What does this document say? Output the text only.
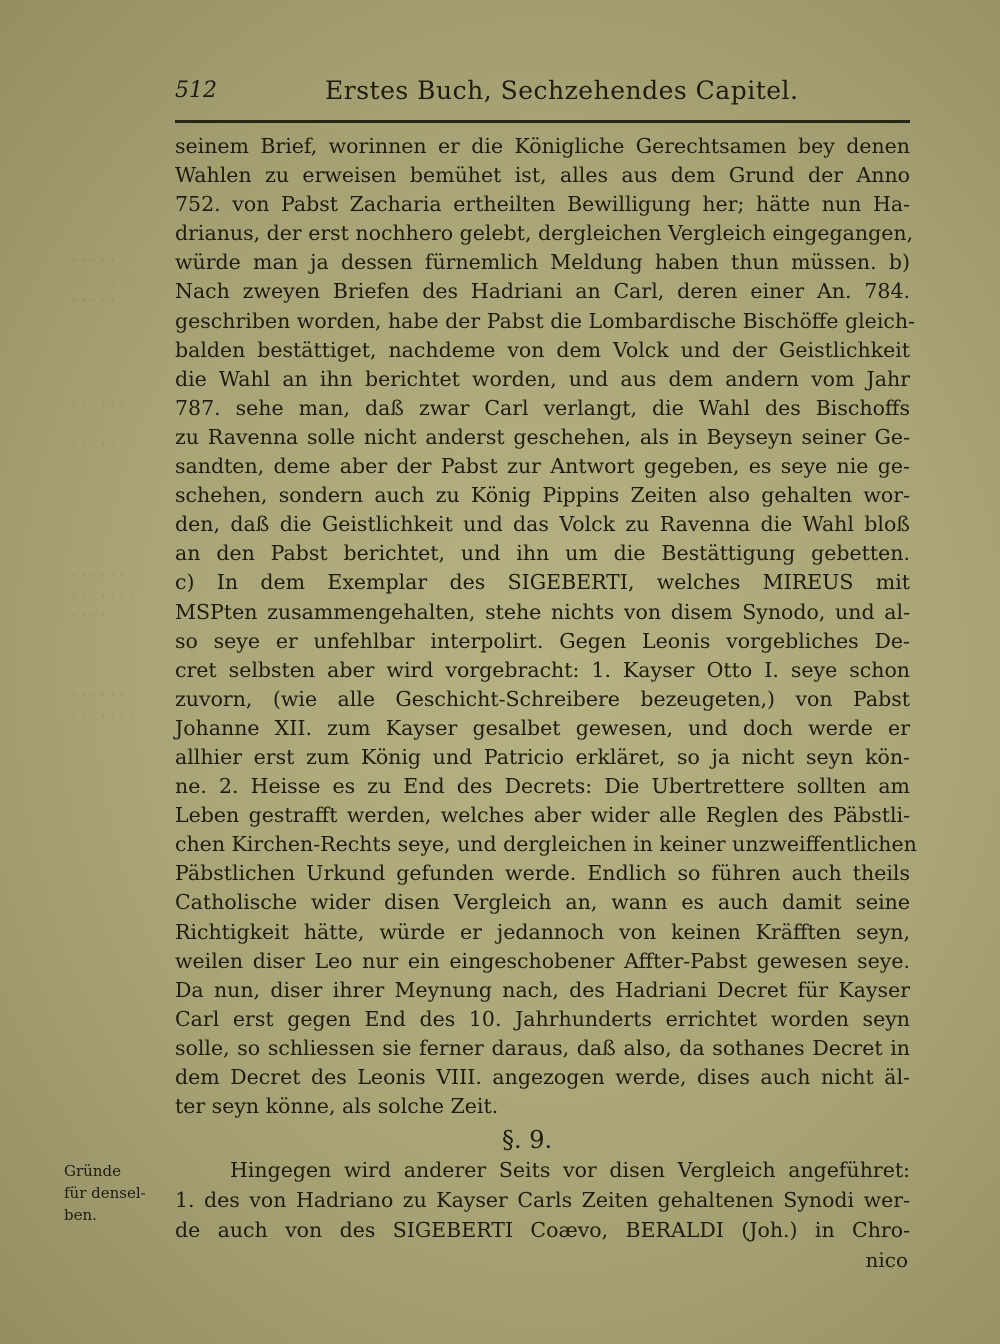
· · · · ·
· · · · · · ·
· · · · ·
· · · · · ·

· · · · ·
· · · · · ·
· · · · · · ·
· · · ·
· · · · · ·
· · · · · · ·
512	Erstes Buch, Sechzehendes Capitel.
seinem Brief, worinnen er die Königliche Gerechtsamen bey denen
Wahlen zu erweisen bemühet ist, alles aus dem Grund der Anno
752. von Pabst Zacharia ertheilten Bewilligung her; hätte nun Ha-
drianus, der erst nochhero gelebt, dergleichen Vergleich eingegangen,
würde man ja dessen fürnemlich Meldung haben thun müssen. b)
Nach zweyen Briefen des Hadriani an Carl, deren einer An. 784.
geschriben worden, habe der Pabst die Lombardische Bischöffe gleich-
balden bestättiget, nachdeme von dem Volck und der Geistlichkeit
die Wahl an ihn berichtet worden, und aus dem andern vom Jahr
787. sehe man, daß zwar Carl verlangt, die Wahl des Bischoffs
zu Ravenna solle nicht anderst geschehen, als in Beyseyn seiner Ge-
sandten, deme aber der Pabst zur Antwort gegeben, es seye nie ge-
schehen, sondern auch zu König Pippins Zeiten also gehalten wor-
den, daß die Geistlichkeit und das Volck zu Ravenna die Wahl bloß
an den Pabst berichtet, und ihn um die Bestättigung gebetten.
c) In dem Exemplar des SIGEBERTI, welches MIREUS mit
MSPten zusammengehalten, stehe nichts von disem Synodo, und al-
so seye er unfehlbar interpolirt. Gegen Leonis vorgebliches De-
cret selbsten aber wird vorgebracht: 1. Kayser Otto I. seye schon
zuvorn, (wie alle Geschicht-Schreibere bezeugeten,) von Pabst
Johanne XII. zum Kayser gesalbet gewesen, und doch werde er
allhier erst zum König und Patricio erkläret, so ja nicht seyn kön-
ne. 2. Heisse es zu End des Decrets: Die Ubertrettere sollten am
Leben gestrafft werden, welches aber wider alle Reglen des Päbstli-
chen Kirchen-Rechts seye, und dergleichen in keiner unzweiffentlichen
Päbstlichen Urkund gefunden werde. Endlich so führen auch theils
Catholische wider disen Vergleich an, wann es auch damit seine
Richtigkeit hätte, würde er jedannoch von keinen Kräfften seyn,
weilen diser Leo nur ein eingeschobener Affter-Pabst gewesen seye.
Da nun, diser ihrer Meynung nach, des Hadriani Decret für Kayser
Carl erst gegen End des 10. Jahrhunderts errichtet worden seyn
solle, so schliessen sie ferner daraus, daß also, da sothanes Decret in
dem Decret des Leonis VIII. angezogen werde, dises auch nicht äl-
ter seyn könne, als solche Zeit.
§. 9.
Gründe
für densel-
ben.
Hingegen wird anderer Seits vor disen Vergleich angeführet:
1. des von Hadriano zu Kayser Carls Zeiten gehaltenen Synodi wer-
de auch von des SIGEBERTI Coævo, BERALDI (Joh.) in Chro-
nico
